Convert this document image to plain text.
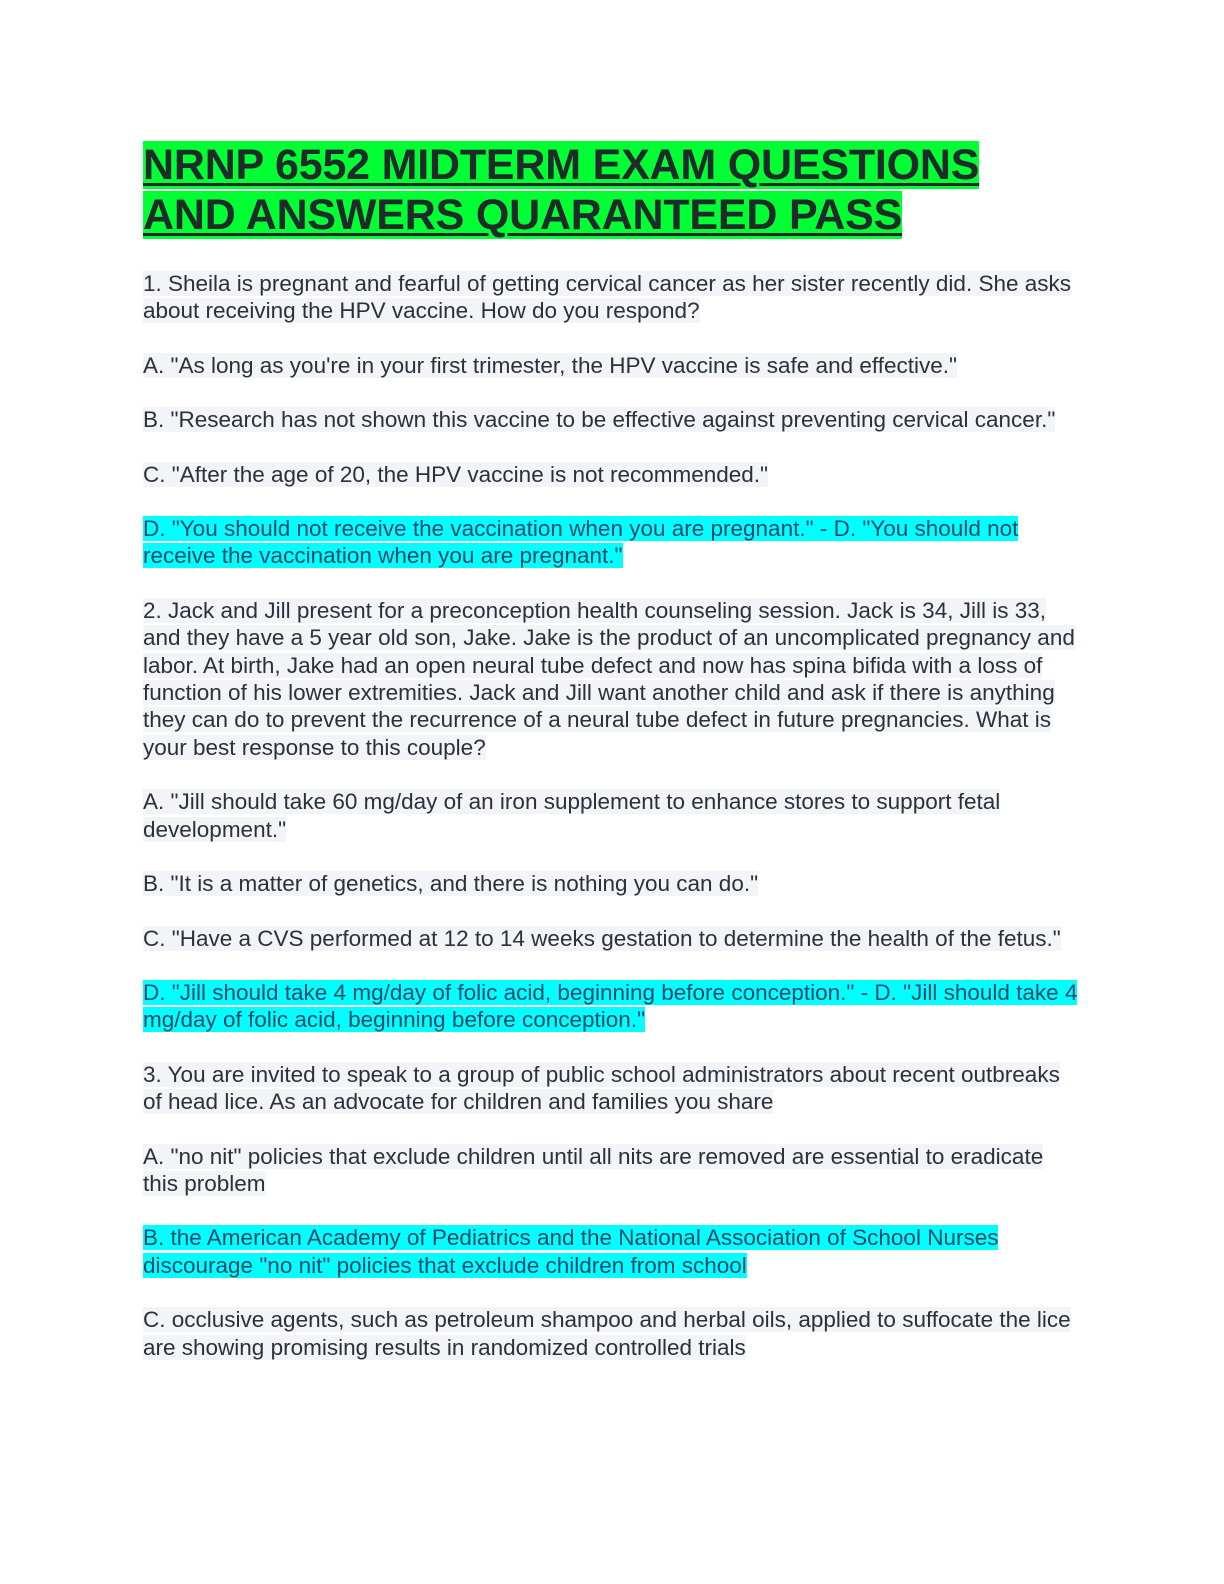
NRNP 6552 MIDTERM EXAM QUESTIONS AND ANSWERS QUARANTEED PASS

1. Sheila is pregnant and fearful of getting cervical cancer as her sister recently did. She asks about receiving the HPV vaccine. How do you respond?

A. "As long as you're in your first trimester, the HPV vaccine is safe and effective."

B. "Research has not shown this vaccine to be effective against preventing cervical cancer."

C. "After the age of 20, the HPV vaccine is not recommended."

D. "You should not receive the vaccination when you are pregnant." - D. "You should not receive the vaccination when you are pregnant."

2. Jack and Jill present for a preconception health counseling session. Jack is 34, Jill is 33, and they have a 5 year old son, Jake. Jake is the product of an uncomplicated pregnancy and labor. At birth, Jake had an open neural tube defect and now has spina bifida with a loss of function of his lower extremities. Jack and Jill want another child and ask if there is anything they can do to prevent the recurrence of a neural tube defect in future pregnancies. What is your best response to this couple?

A. "Jill should take 60 mg/day of an iron supplement to enhance stores to support fetal development."

B. "It is a matter of genetics, and there is nothing you can do."

C. "Have a CVS performed at 12 to 14 weeks gestation to determine the health of the fetus."

D. "Jill should take 4 mg/day of folic acid, beginning before conception." - D. "Jill should take 4 mg/day of folic acid, beginning before conception."

3. You are invited to speak to a group of public school administrators about recent outbreaks of head lice. As an advocate for children and families you share

A. "no nit" policies that exclude children until all nits are removed are essential to eradicate this problem

B. the American Academy of Pediatrics and the National Association of School Nurses discourage "no nit" policies that exclude children from school

C. occlusive agents, such as petroleum shampoo and herbal oils, applied to suffocate the lice are showing promising results in randomized controlled trials
